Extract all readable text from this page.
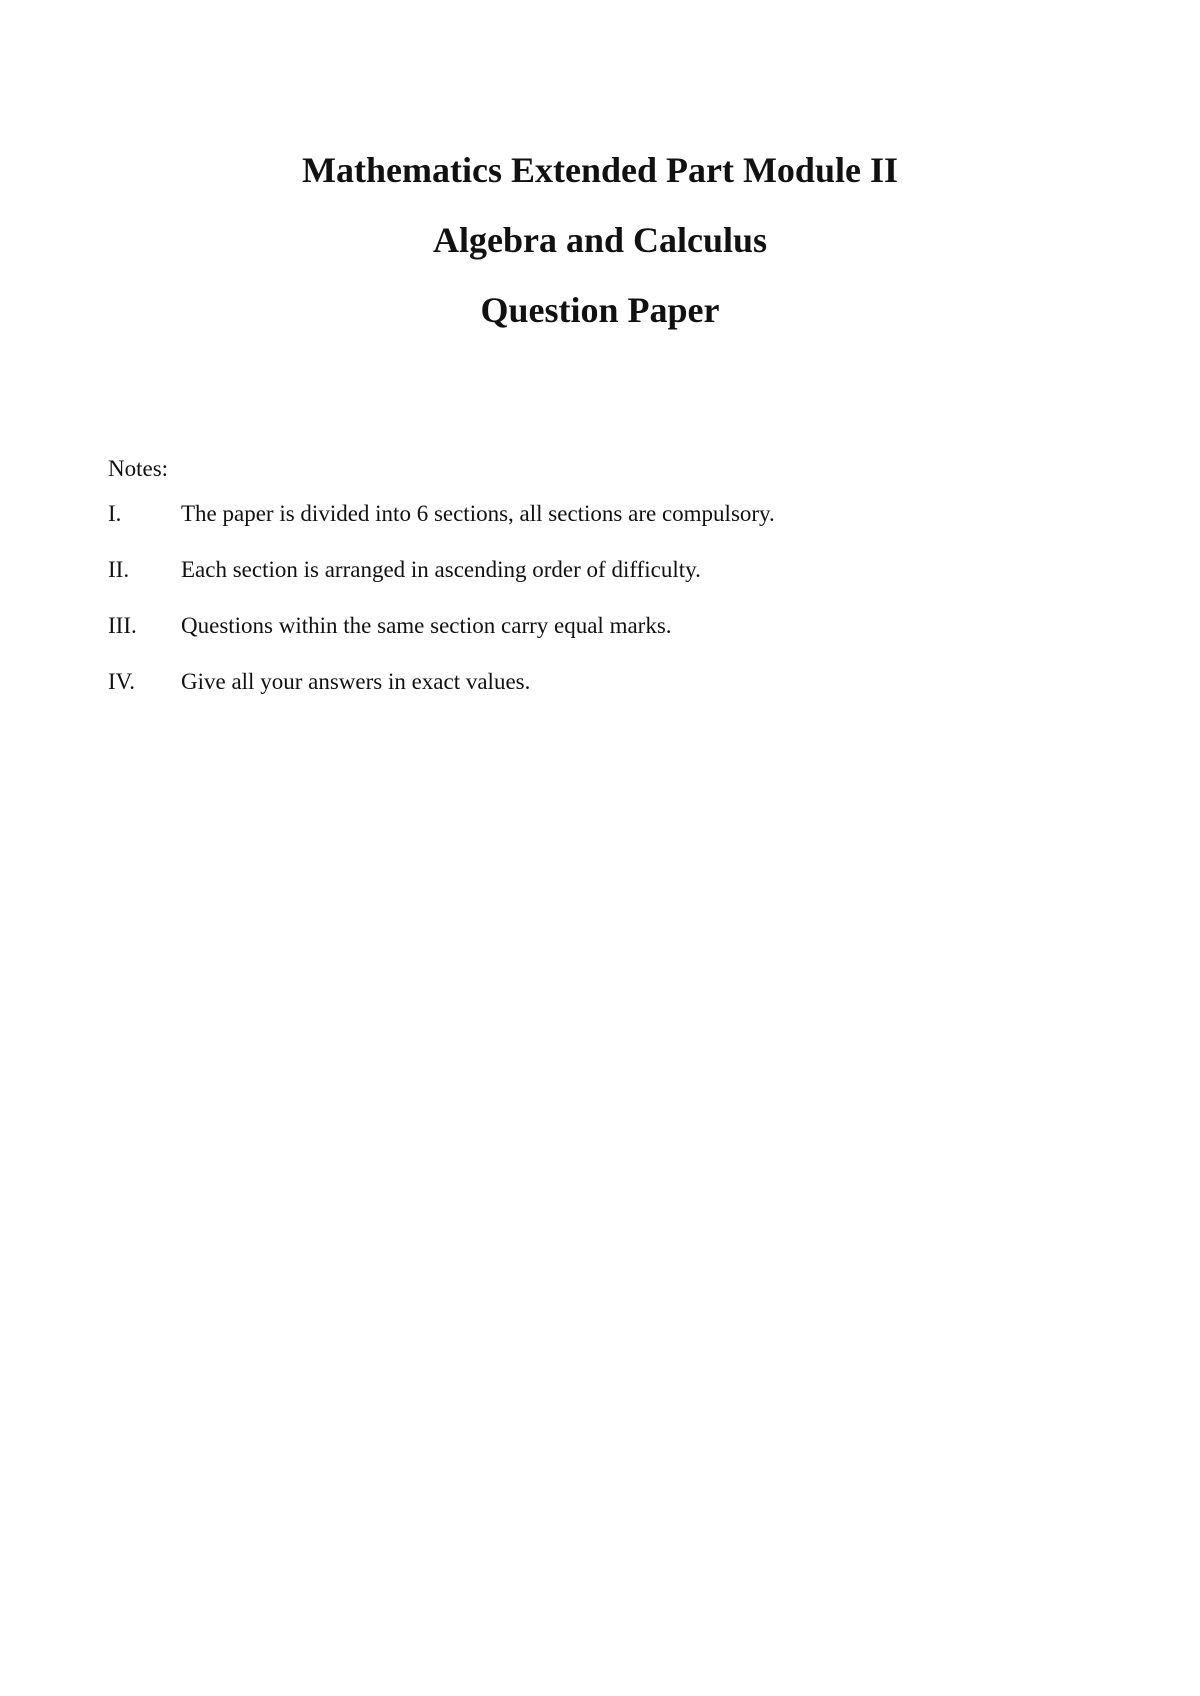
Mathematics Extended Part Module II
Algebra and Calculus
Question Paper
Notes:
I.	The paper is divided into 6 sections, all sections are compulsory.
II. Each section is arranged in ascending order of difficulty.
III. Questions within the same section carry equal marks.
IV. Give all your answers in exact values.
